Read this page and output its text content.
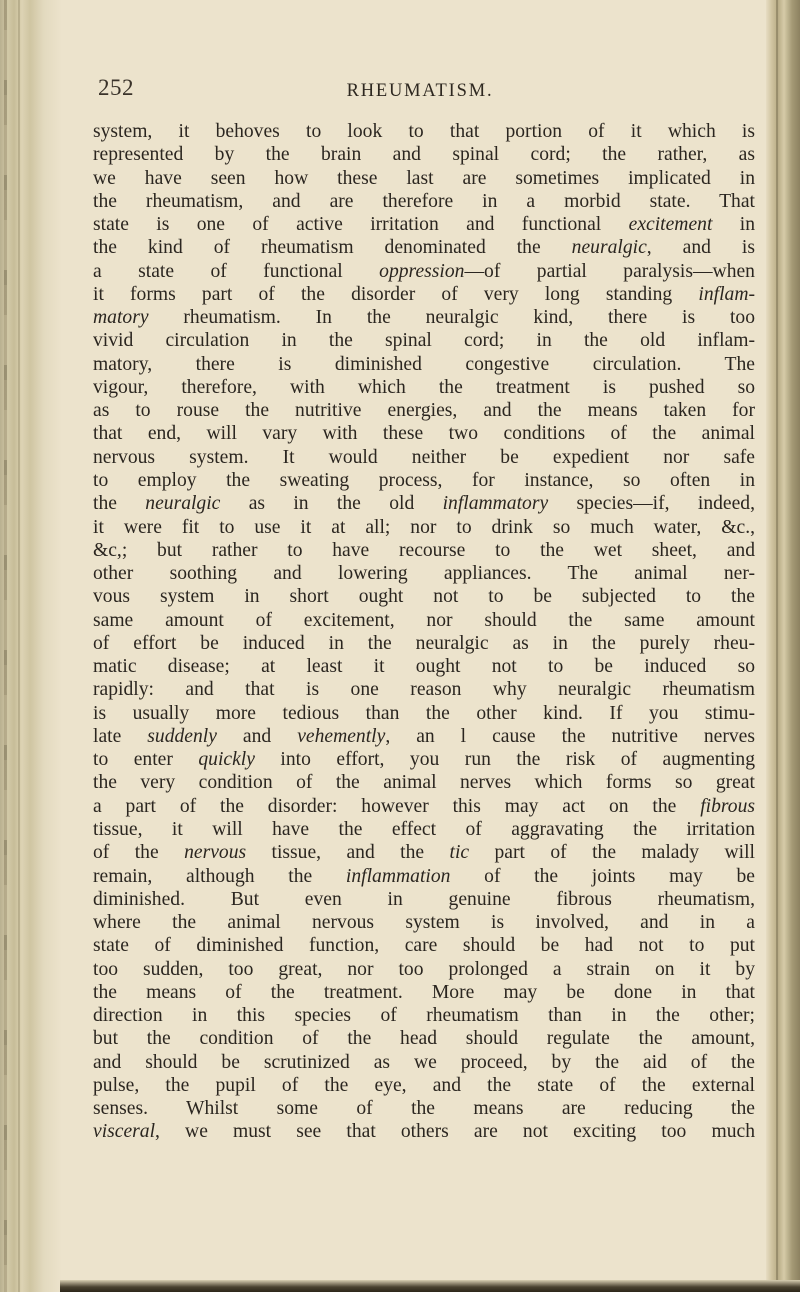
252	RHEUMATISM.
system, it behoves to look to that portion of it which is
represented by the brain and spinal cord; the rather, as
we have seen how these last are sometimes implicated in
the rheumatism, and are therefore in a morbid state. That
state is one of active irritation and functional excitement in
the kind of rheumatism denominated the neuralgic, and is
a state of functional oppression—of partial paralysis—when
it forms part of the disorder of very long standing inflam-
matory rheumatism. In the neuralgic kind, there is too
vivid circulation in the spinal cord; in the old inflam-
matory, there is diminished congestive circulation. The
vigour, therefore, with which the treatment is pushed so
as to rouse the nutritive energies, and the means taken for
that end, will vary with these two conditions of the animal
nervous system. It would neither be expedient nor safe
to employ the sweating process, for instance, so often in
the neuralgic as in the old inflammatory species—if, indeed,
it were fit to use it at all; nor to drink so much water, &c.,
&c,; but rather to have recourse to the wet sheet, and
other soothing and lowering appliances. The animal ner-
vous system in short ought not to be subjected to the
same amount of excitement, nor should the same amount
of effort be induced in the neuralgic as in the purely rheu-
matic disease; at least it ought not to be induced so
rapidly: and that is one reason why neuralgic rheumatism
is usually more tedious than the other kind. If you stimu-
late suddenly and vehemently, an l cause the nutritive nerves
to enter quickly into effort, you run the risk of augmenting
the very condition of the animal nerves which forms so great
a part of the disorder: however this may act on the fibrous
tissue, it will have the effect of aggravating the irritation
of the nervous tissue, and the tic part of the malady will
remain, although the inflammation of the joints may be
diminished. But even in genuine fibrous rheumatism,
where the animal nervous system is involved, and in a
state of diminished function, care should be had not to put
too sudden, too great, nor too prolonged a strain on it by
the means of the treatment. More may be done in that
direction in this species of rheumatism than in the other;
but the condition of the head should regulate the amount,
and should be scrutinized as we proceed, by the aid of the
pulse, the pupil of the eye, and the state of the external
senses. Whilst some of the means are reducing the
visceral, we must see that others are not exciting too much
